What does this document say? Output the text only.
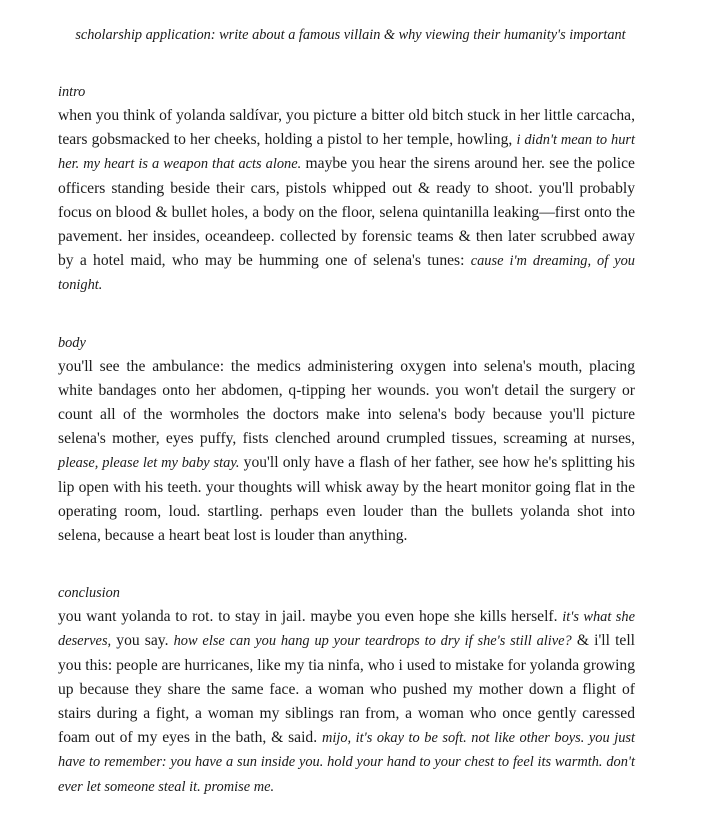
scholarship application: write about a famous villain & why viewing their humanity's important
intro

when you think of yolanda saldívar, you picture a bitter old bitch stuck in her little carcacha, tears gobsmacked to her cheeks, holding a pistol to her temple, howling, i didn't mean to hurt her. my heart is a weapon that acts alone. maybe you hear the sirens around her. see the police officers standing beside their cars, pistols whipped out & ready to shoot. you'll probably focus on blood & bullet holes, a body on the floor, selena quintanilla leaking—first onto the pavement. her insides, oceandeep. collected by forensic teams & then later scrubbed away by a hotel maid, who may be humming one of selena's tunes: cause i'm dreaming, of you tonight.

body

you'll see the ambulance: the medics administering oxygen into selena's mouth, placing white bandages onto her abdomen, q-tipping her wounds. you won't detail the surgery or count all of the wormholes the doctors make into selena's body because you'll picture selena's mother, eyes puffy, fists clenched around crumpled tissues, screaming at nurses, please, please let my baby stay. you'll only have a flash of her father, see how he's splitting his lip open with his teeth. your thoughts will whisk away by the heart monitor going flat in the operating room, loud. startling. perhaps even louder than the bullets yolanda shot into selena, because a heart beat lost is louder than anything.

conclusion

you want yolanda to rot. to stay in jail. maybe you even hope she kills herself. it's what she deserves, you say. how else can you hang up your teardrops to dry if she's still alive? & i'll tell you this: people are hurricanes, like my tia ninfa, who i used to mistake for yolanda growing up because they share the same face. a woman who pushed my mother down a flight of stairs during a fight, a woman my siblings ran from, a woman who once gently caressed foam out of my eyes in the bath, & said. mijo, it's okay to be soft. not like other boys. you just have to remember: you have a sun inside you. hold your hand to your chest to feel its warmth. don't ever let someone steal it. promise me.
